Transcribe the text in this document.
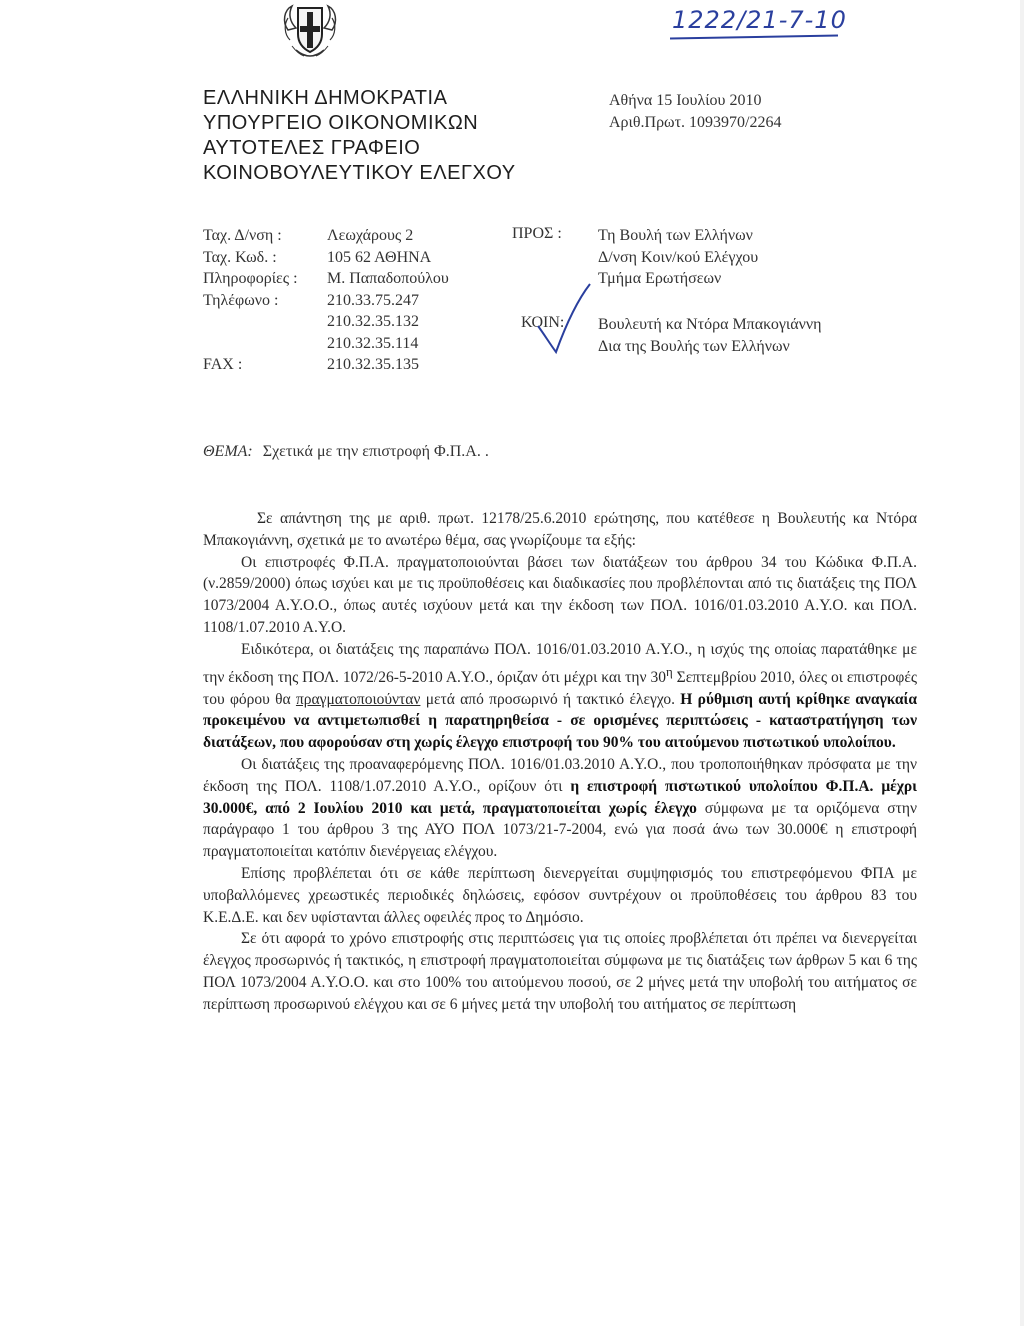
1222/21-7-10
ΕΛΛΗΝΙΚΗ ΔΗΜΟΚΡΑΤΙΑ
ΥΠΟΥΡΓΕΙΟ ΟΙΚΟΝΟΜΙΚΩΝ
ΑΥΤΟΤΕΛΕΣ ΓΡΑΦΕΙΟ
ΚΟΙΝΟΒΟΥΛΕΥΤΙΚΟΥ ΕΛΕΓΧΟΥ
Αθήνα 15 Ιουλίου 2010
Αριθ.Πρωτ. 1093970/2264
Ταχ. Δ/νση :	Λεωχάρους 2
Ταχ. Κωδ. :	105 62 ΑΘΗΝΑ
Πληροφορίες :	Μ. Παπαδοπούλου
Τηλέφωνο :	210.33.75.247
210.32.35.132
210.32.35.114
FAX :	210.32.35.135
ΠΡΟΣ : Τη Βουλή των Ελλήνων
Δ/νση Κοιν/κού Ελέγχου
Τμήμα Ερωτήσεων
ΚΟΙΝ: Βουλευτή κα Ντόρα Μπακογιάννη
Δια της Βουλής των Ελλήνων
ΘΕΜΑ: Σχετικά με την επιστροφή Φ.Π.Α. .

Σε απάντηση της με αριθ. πρωτ. 12178/25.6.2010 ερώτησης, που κατέθεσε η Βουλευτής κα Ντόρα Μπακογιάννη, σχετικά με το ανωτέρω θέμα, σας γνωρίζουμε τα εξής:

Οι επιστροφές Φ.Π.Α. πραγματοποιούνται βάσει των διατάξεων του άρθρου 34 του Κώδικα Φ.Π.Α. (ν.2859/2000) όπως ισχύει και με τις προϋποθέσεις και διαδικασίες που προβλέπονται από τις διατάξεις της ΠΟΛ 1073/2004 Α.Υ.Ο.Ο., όπως αυτές ισχύουν μετά και την έκδοση των ΠΟΛ. 1016/01.03.2010 Α.Υ.Ο. και ΠΟΛ. 1108/1.07.2010 Α.Υ.Ο.

Ειδικότερα, οι διατάξεις της παραπάνω ΠΟΛ. 1016/01.03.2010 Α.Υ.Ο., η ισχύς της οποίας παρατάθηκε με την έκδοση της ΠΟΛ. 1072/26-5-2010 Α.Υ.Ο., όριζαν ότι μέχρι και την $30^\eta$ Σεπτεμβρίου 2010, όλες οι επιστροφές του φόρου θα πραγματοποιούνταν μετά από προσωρινό ή τακτικό έλεγχο. Η ρύθμιση αυτή κρίθηκε αναγκαία προκειμένου να αντιμετωπισθεί η παρατηρηθείσα - σε ορισμένες περιπτώσεις - καταστρατήγηση των διατάξεων, που αφορούσαν στη χωρίς έλεγχο επιστροφή του 90% του αιτούμενου πιστωτικού υπολοίπου.

Οι διατάξεις της προαναφερόμενης ΠΟΛ. 1016/01.03.2010 Α.Υ.Ο., που τροποποιήθηκαν πρόσφατα με την έκδοση της ΠΟΛ. 1108/1.07.2010 Α.Υ.Ο., ορίζουν ότι η επιστροφή πιστωτικού υπολοίπου Φ.Π.Α. μέχρι 30.000€, από 2 Ιουλίου 2010 και μετά, πραγματοποιείται χωρίς έλεγχο σύμφωνα με τα οριζόμενα στην παράγραφο 1 του άρθρου 3 της ΑΥΟ ΠΟΛ 1073/21-7-2004, ενώ για ποσά άνω των 30.000€ η επιστροφή πραγματοποιείται κατόπιν διενέργειας ελέγχου.

Επίσης προβλέπεται ότι σε κάθε περίπτωση διενεργείται συμψηφισμός του επιστρεφόμενου ΦΠΑ με υποβαλλόμενες χρεωστικές περιοδικές δηλώσεις, εφόσον συντρέχουν οι προϋποθέσεις του άρθρου 83 του Κ.Ε.Δ.Ε. και δεν υφίστανται άλλες οφειλές προς το Δημόσιο.

Σε ότι αφορά το χρόνο επιστροφής στις περιπτώσεις για τις οποίες προβλέπεται ότι πρέπει να διενεργείται έλεγχος προσωρινός ή τακτικός, η επιστροφή πραγματοποιείται σύμφωνα με τις διατάξεις των άρθρων 5 και 6 της ΠΟΛ 1073/2004 Α.Υ.Ο.Ο. και στο 100% του αιτούμενου ποσού, σε 2 μήνες μετά την υποβολή του αιτήματος σε περίπτωση προσωρινού ελέγχου και σε 6 μήνες μετά την υποβολή του αιτήματος σε περίπτωση
